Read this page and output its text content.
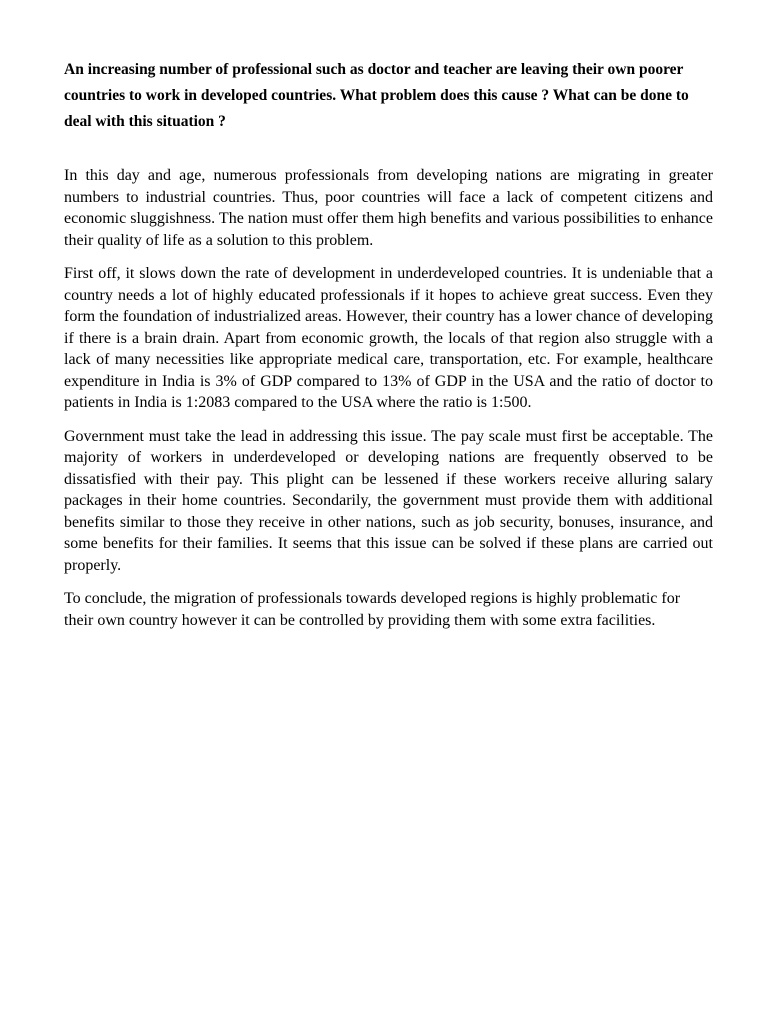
An increasing number of professional such as doctor and teacher are leaving their own poorer countries to work in developed countries. What problem does this cause ? What can be done to deal with this situation ?

In this day and age, numerous professionals from developing nations are migrating in greater numbers to industrial countries. Thus, poor countries will face a lack of competent citizens and economic sluggishness. The nation must offer them high benefits and various possibilities to enhance their quality of life as a solution to this problem.

First off, it slows down the rate of development in underdeveloped countries. It is undeniable that a country needs a lot of highly educated professionals if it hopes to achieve great success. Even they form the foundation of industrialized areas. However, their country has a lower chance of developing if there is a brain drain. Apart from economic growth, the locals of that region also struggle with a lack of many necessities like appropriate medical care, transportation, etc. For example, healthcare expenditure in India is 3% of GDP compared to 13% of GDP in the USA and the ratio of doctor to patients in India is 1:2083 compared to the USA where the ratio is 1:500.

Government must take the lead in addressing this issue. The pay scale must first be acceptable. The majority of workers in underdeveloped or developing nations are frequently observed to be dissatisfied with their pay. This plight can be lessened if these workers receive alluring salary packages in their home countries. Secondarily, the government must provide them with additional benefits similar to those they receive in other nations, such as job security, bonuses, insurance, and some benefits for their families. It seems that this issue can be solved if these plans are carried out properly.

To conclude, the migration of professionals towards developed regions is highly problematic for their own country however it can be controlled by providing them with some extra facilities.
